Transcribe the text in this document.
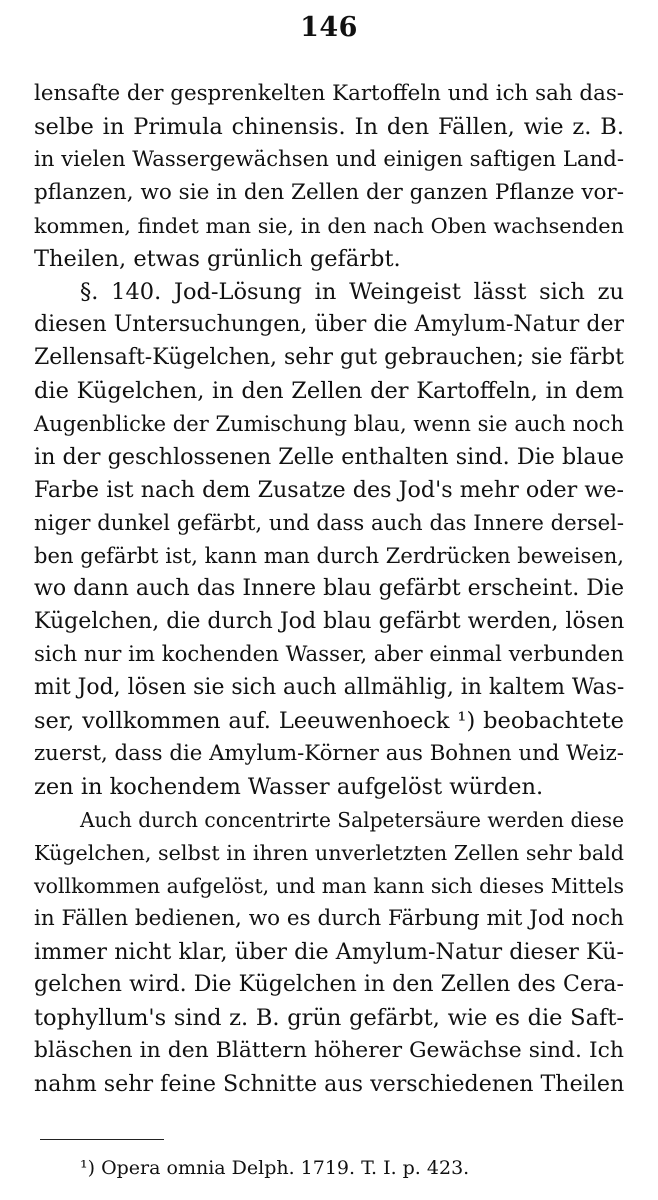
146
lensafte der gesprenkelten Kartoffeln und ich sah das-
selbe in Primula chinensis. In den Fällen, wie z. B.
in vielen Wassergewächsen und einigen saftigen Land-
pflanzen, wo sie in den Zellen der ganzen Pflanze vor-
kommen, findet man sie, in den nach Oben wachsenden
Theilen, etwas grünlich gefärbt.
§. 140. Jod-Lösung in Weingeist lässt sich zu
diesen Untersuchungen, über die Amylum-Natur der
Zellensaft-Kügelchen, sehr gut gebrauchen; sie färbt
die Kügelchen, in den Zellen der Kartoffeln, in dem
Augenblicke der Zumischung blau, wenn sie auch noch
in der geschlossenen Zelle enthalten sind. Die blaue
Farbe ist nach dem Zusatze des Jod's mehr oder we-
niger dunkel gefärbt, und dass auch das Innere dersel-
ben gefärbt ist, kann man durch Zerdrücken beweisen,
wo dann auch das Innere blau gefärbt erscheint. Die
Kügelchen, die durch Jod blau gefärbt werden, lösen
sich nur im kochenden Wasser, aber einmal verbunden
mit Jod, lösen sie sich auch allmählig, in kaltem Was-
ser, vollkommen auf. Leeuwenhoeck ¹) beobachtete
zuerst, dass die Amylum-Körner aus Bohnen und Weiz-
zen in kochendem Wasser aufgelöst würden.
Auch durch concentrirte Salpetersäure werden diese
Kügelchen, selbst in ihren unverletzten Zellen sehr bald
vollkommen aufgelöst, und man kann sich dieses Mittels
in Fällen bedienen, wo es durch Färbung mit Jod noch
immer nicht klar, über die Amylum-Natur dieser Kü-
gelchen wird. Die Kügelchen in den Zellen des Cera-
tophyllum's sind z. B. grün gefärbt, wie es die Saft-
bläschen in den Blättern höherer Gewächse sind. Ich
nahm sehr feine Schnitte aus verschiedenen Theilen
¹) Opera omnia Delph. 1719. T. I. p. 423.
